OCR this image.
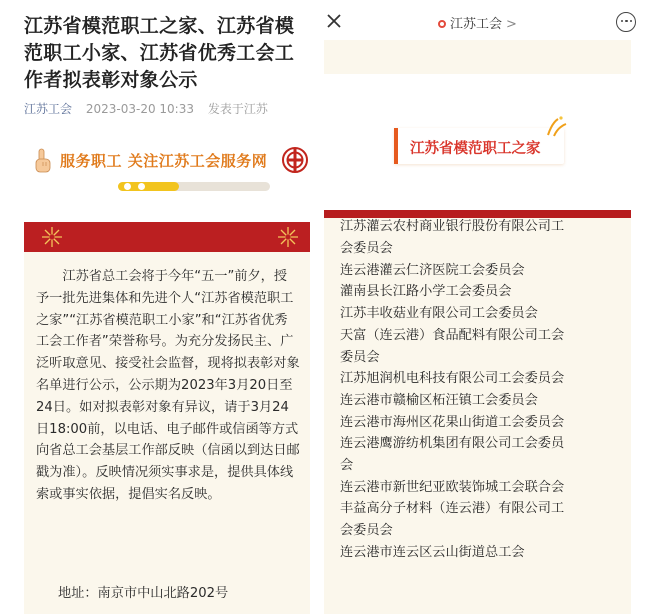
江苏省模范职工之家、江苏省模范职工小家、江苏省优秀工会工作者拟表彰对象公示
江苏工会 2023-03-20 10:33 发表于江苏
服务职工 关注江苏工会服务网

江苏省总工会将于今年“五一”前夕，授予一批先进集体和先进个人“江苏省模范职工之家”“江苏省模范职工小家”和“江苏省优秀工会工作者”荣誉称号。为充分发扬民主、广泛听取意见、接受社会监督，现将拟表彰对象名单进行公示，公示期为2023年3月20日至24日。如对拟表彰对象有异议，请于3月24日18:00前，以电话、电子邮件或信函等方式向省总工会基层工作部反映（信函以到达日邮戳为准）。反映情况须实事求是，提供具体线索或事实依据，提倡实名反映。

地址：南京市中山北路202号
江苏工会 >
江苏省模范职工之家
江苏灌云农村商业银行股份有限公司工
会委员会
连云港灌云仁济医院工会委员会
灌南县长江路小学工会委员会
江苏丰收菇业有限公司工会委员会
天富（连云港）食品配料有限公司工会
委员会
江苏旭润机电科技有限公司工会委员会
连云港市赣榆区柘汪镇工会委员会
连云港市海州区花果山街道工会委员会
连云港鹰游纺机集团有限公司工会委员
会
连云港市新世纪亚欧装饰城工会联合会
丰益高分子材料（连云港）有限公司工
会委员会
连云港市连云区云山街道总工会
